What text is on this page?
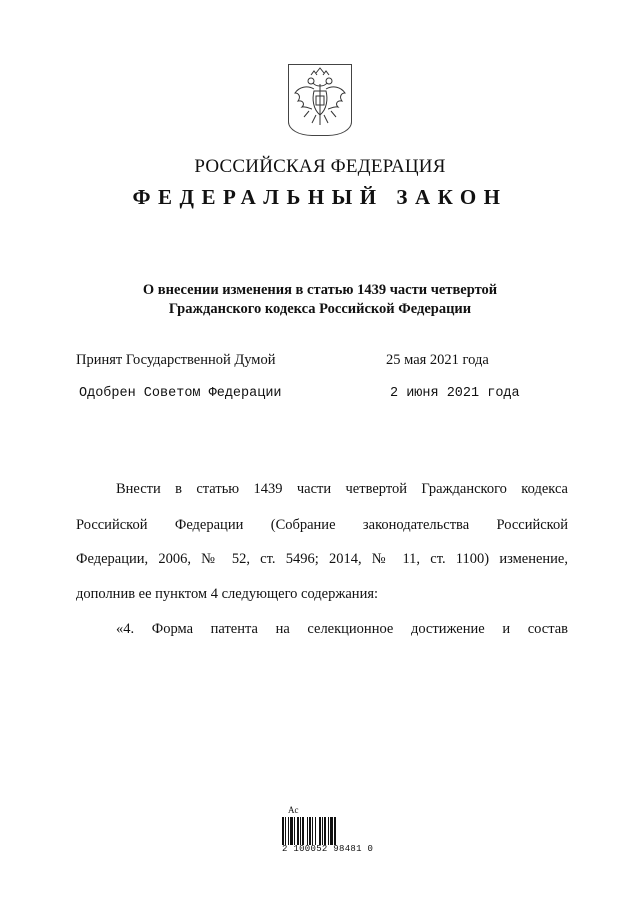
РОССИЙСКАЯ ФЕДЕРАЦИЯ
ФЕДЕРАЛЬНЫЙ ЗАКОН
О внесении изменения в статью 1439 части четвертой
Гражданского кодекса Российской Федерации
Принят Государственной Думой	25 мая 2021 года
Одобрен Советом Федерации	2 июня 2021 года
Внести в статью 1439 части четвертой Гражданского кодекса
Российской Федерации (Собрание законодательства Российской
Федерации, 2006, № 52, ст. 5496; 2014, № 11, ст. 1100) изменение,
дополнив ее пунктом 4 следующего содержания:
«4. Форма патента на селекционное достижение и состав
Ac
2 100052 98481 0
